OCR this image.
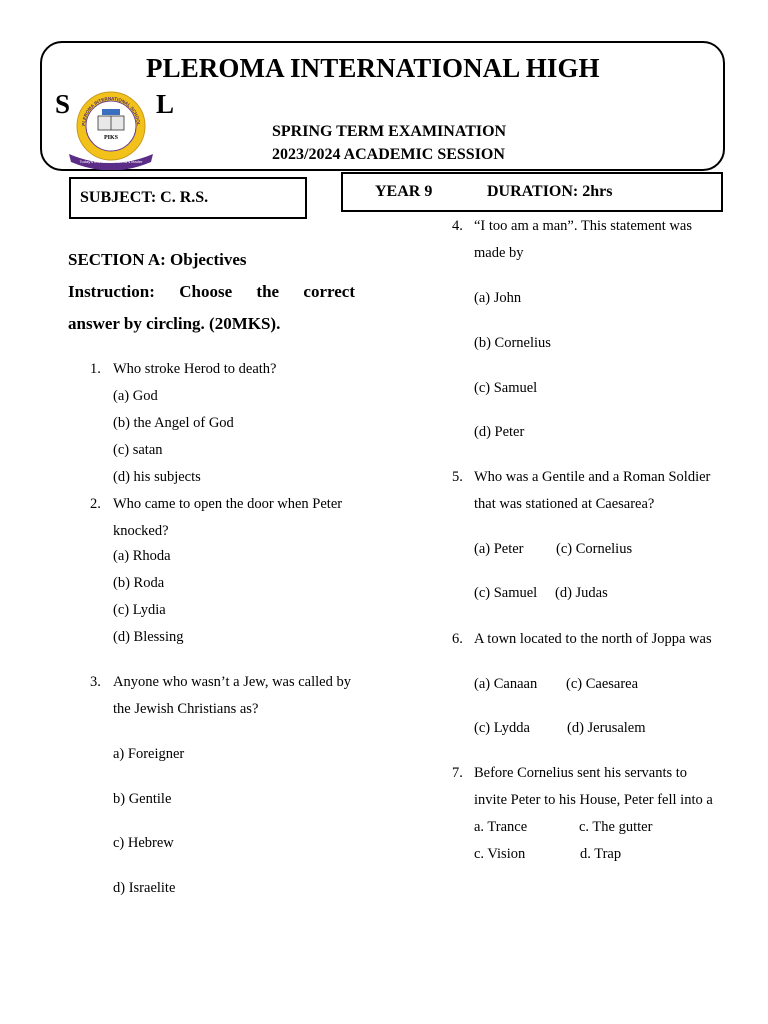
PLEROMA INTERNATIONAL HIGH
S	L
PLEROMA INTERNATIONAL SCHOOL
PIKS
Today's learner... tomorrow's leader
SPRING TERM EXAMINATION
2023/2024 ACADEMIC SESSION
SUBJECT: C. R.S.	YEAR 9	DURATION: 2hrs
SECTION A: Objectives
Instruction: Choose the correct
answer by circling. (20MKS).
1. Who stroke Herod to death?
(a) God
(b) the Angel of God
(c) satan
(d) his subjects
2. Who came to open the door when Peter
knocked?
(a) Rhoda
(b) Roda
(c) Lydia
(d) Blessing
3. Anyone who wasn’t a Jew, was called by
the Jewish Christians as?
a) Foreigner
b) Gentile
c) Hebrew
d) Israelite
4. “I too am a man”. This statement was
made by
(a) John
(b) Cornelius
(c) Samuel
(d) Peter
5. Who was a Gentile and a Roman Soldier
that was stationed at Caesarea?
(a) Peter (c) Cornelius
(c) Samuel (d) Judas
6. A town located to the north of Joppa was
(a) Canaan (c) Caesarea
(c) Lydda	(d) Jerusalem
7. Before Cornelius sent his servants to
invite Peter to his House, Peter fell into a
a. Trance	c. The gutter
c. Vision	d. Trap
